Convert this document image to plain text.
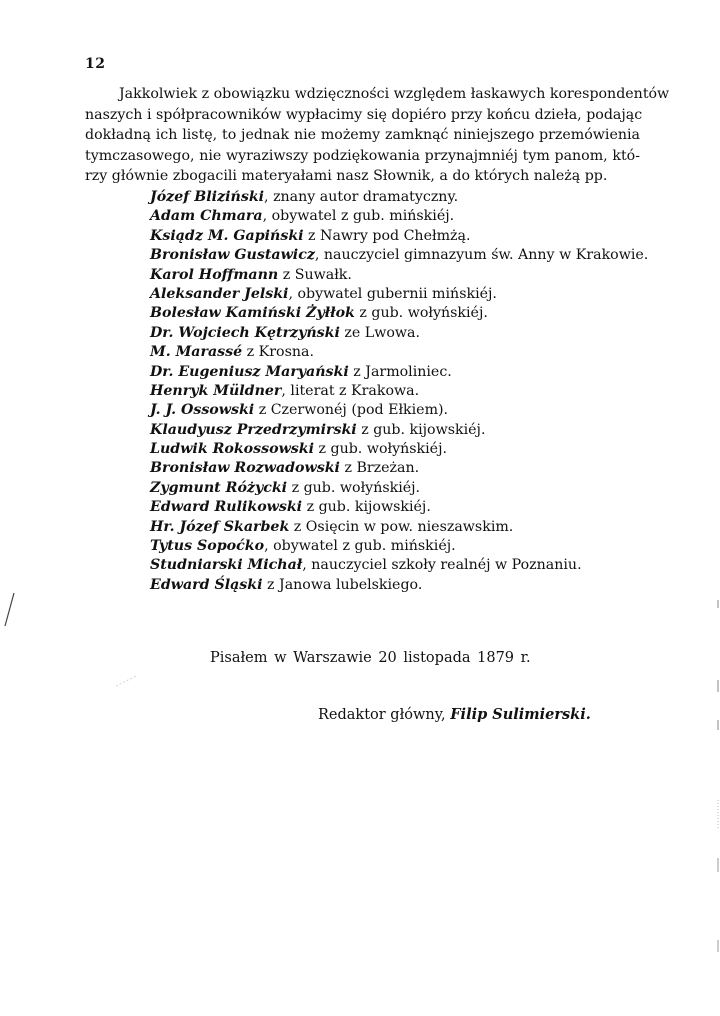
12
Jakkolwiek z obowiązku wdzięczności względem łaskawych korespondentów
naszych i spółpracowników wypłacimy się dopiéro przy końcu dzieła, podając
dokładną ich listę, to jednak nie możemy zamknąć niniejszego przemówienia
tymczasowego, nie wyraziwszy podziękowania przynajmniéj tym panom, któ-
rzy głównie zbogacili materyałami nasz Słownik, a do których należą pp.
Józef Bliziński, znany autor dramatyczny.
Adam Chmara, obywatel z gub. mińskiéj.
Ksiądz M. Gapiński z Nawry pod Chełmżą.
Bronisław Gustawicz, nauczyciel gimnazyum św. Anny w Krakowie.
Karol Hoffmann z Suwałk.
Aleksander Jelski, obywatel gubernii mińskiéj.
Bolesław Kamiński Żyłłok z gub. wołyńskiéj.
Dr. Wojciech Kętrzyński ze Lwowa.
M. Marassé z Krosna.
Dr. Eugeniusz Maryański z Jarmoliniec.
Henryk Müldner, literat z Krakowa.
J. J. Ossowski z Czerwonéj (pod Ełkiem).
Klaudyusz Przedrzymirski z gub. kijowskiéj.
Ludwik Rokossowski z gub. wołyńskiéj.
Bronisław Rozwadowski z Brzeżan.
Zygmunt Różycki z gub. wołyńskiéj.
Edward Rulikowski z gub. kijowskiéj.
Hr. Józef Skarbek z Osięcin w pow. nieszawskim.
Tytus Sopoćko, obywatel z gub. mińskiéj.
Studniarski Michał, nauczyciel szkoły realnéj w Poznaniu.
Edward Śląski z Janowa lubelskiego.
Pisałem w Warszawie 20 listopada 1879 r.
Redaktor główny, Filip Sulimierski.
